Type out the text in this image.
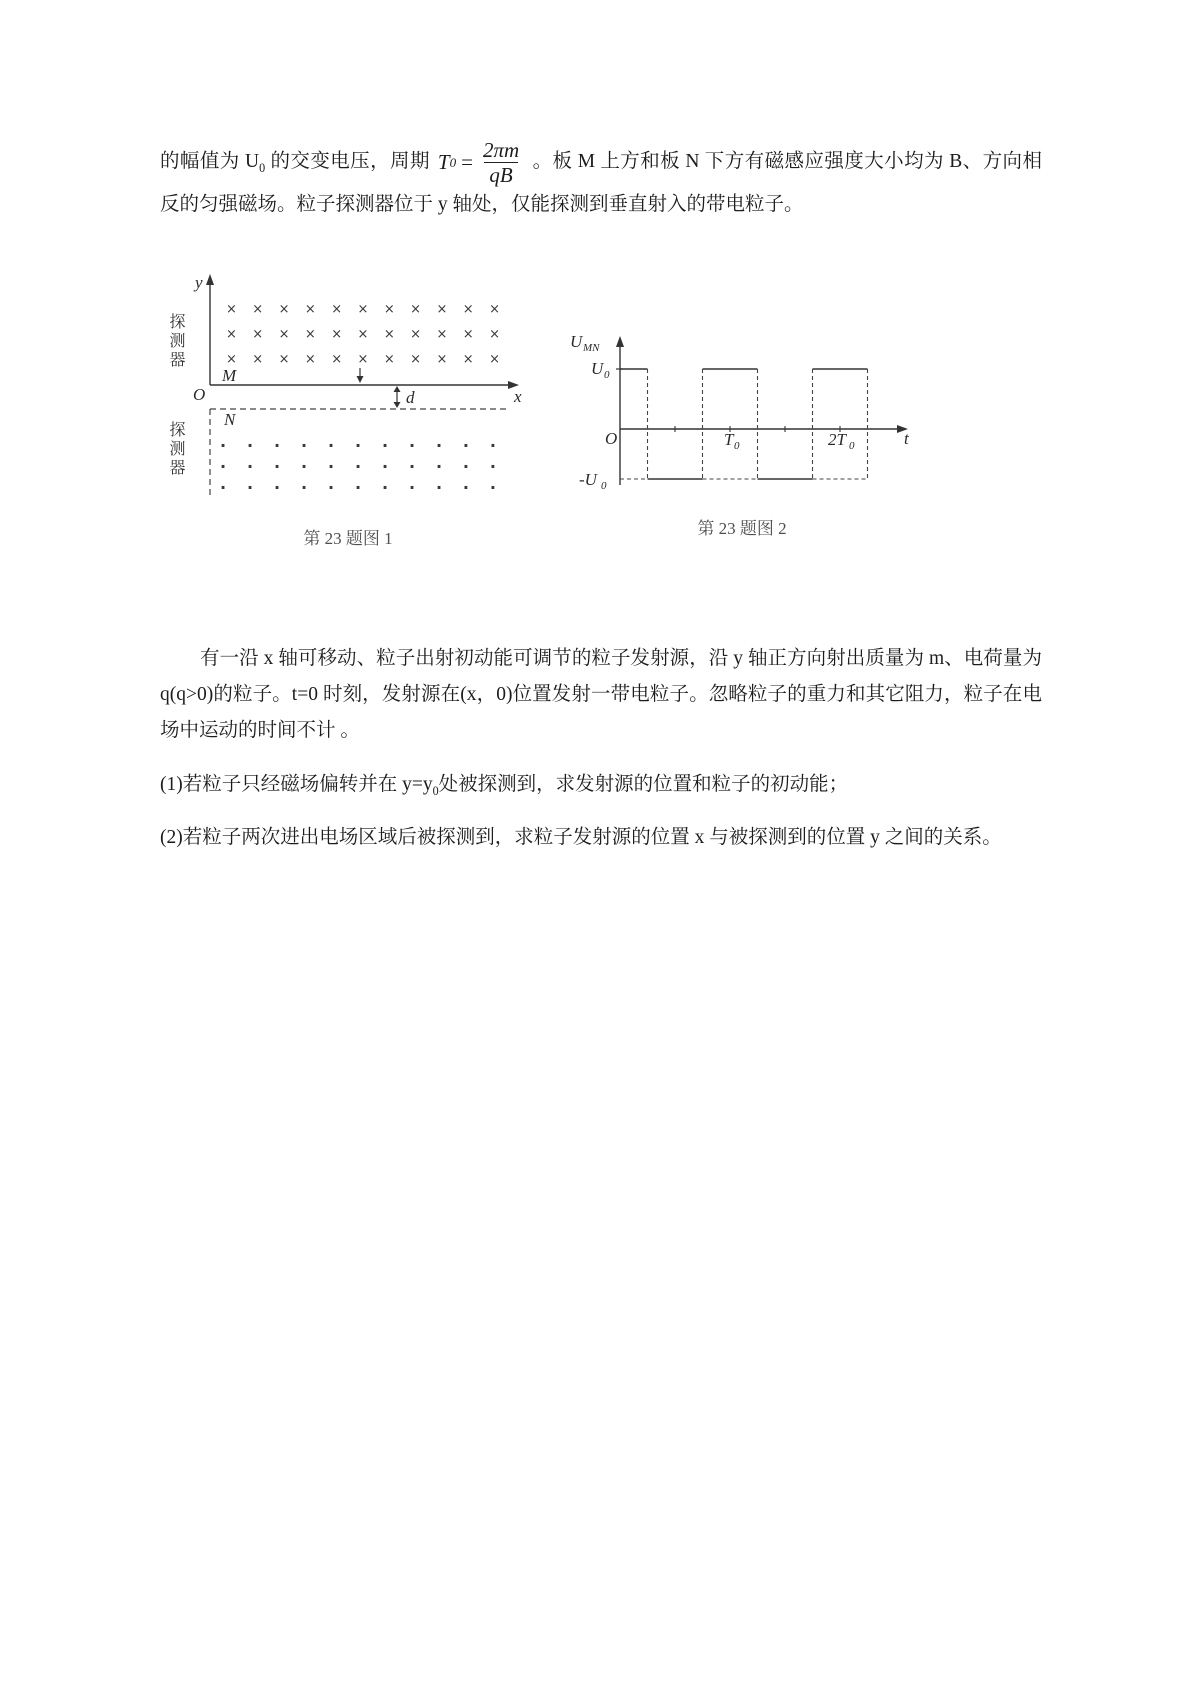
的幅值为 $U_0$ 的交变电压，周期 T $0 = \frac{2\pi m}{qB}$ 。板 M 上方和板 N 下方有磁感应强度大小均为 B、方向相反的匀强磁场。粒子探测器位于 y 轴处，仅能探测到垂直射入的带电粒子。

y
x
O
× × × × × × × × × × ×
× × × × × × × × × × ×
× × × × × × × × × × ×
M
d
N
· · · · · · · · · · ·
· · · · · · · · · · ·
· · · · · · · · · · ·
探测器
探测器
第 23 题图 1
U MN
U 0
-U 0
O	T 0	2T 0	t
第 23 题图 2

有一沿 x 轴可移动、粒子出射初动能可调节的粒子发射源，沿 y 轴正方向射出质量为 m、电荷量为 q(q>0)的粒子。t=0 时刻，发射源在(x，0)位置发射一带电粒子。忽略粒子的重力和其它阻力，粒子在电场中运动的时间不计 。

(1)若粒子只经磁场偏转并在 $y=y_0$处被探测到，求发射源的位置和粒子的初动能；

(2)若粒子两次进出电场区域后被探测到，求粒子发射源的位置 x 与被探测到的位置 y 之间的关系。
